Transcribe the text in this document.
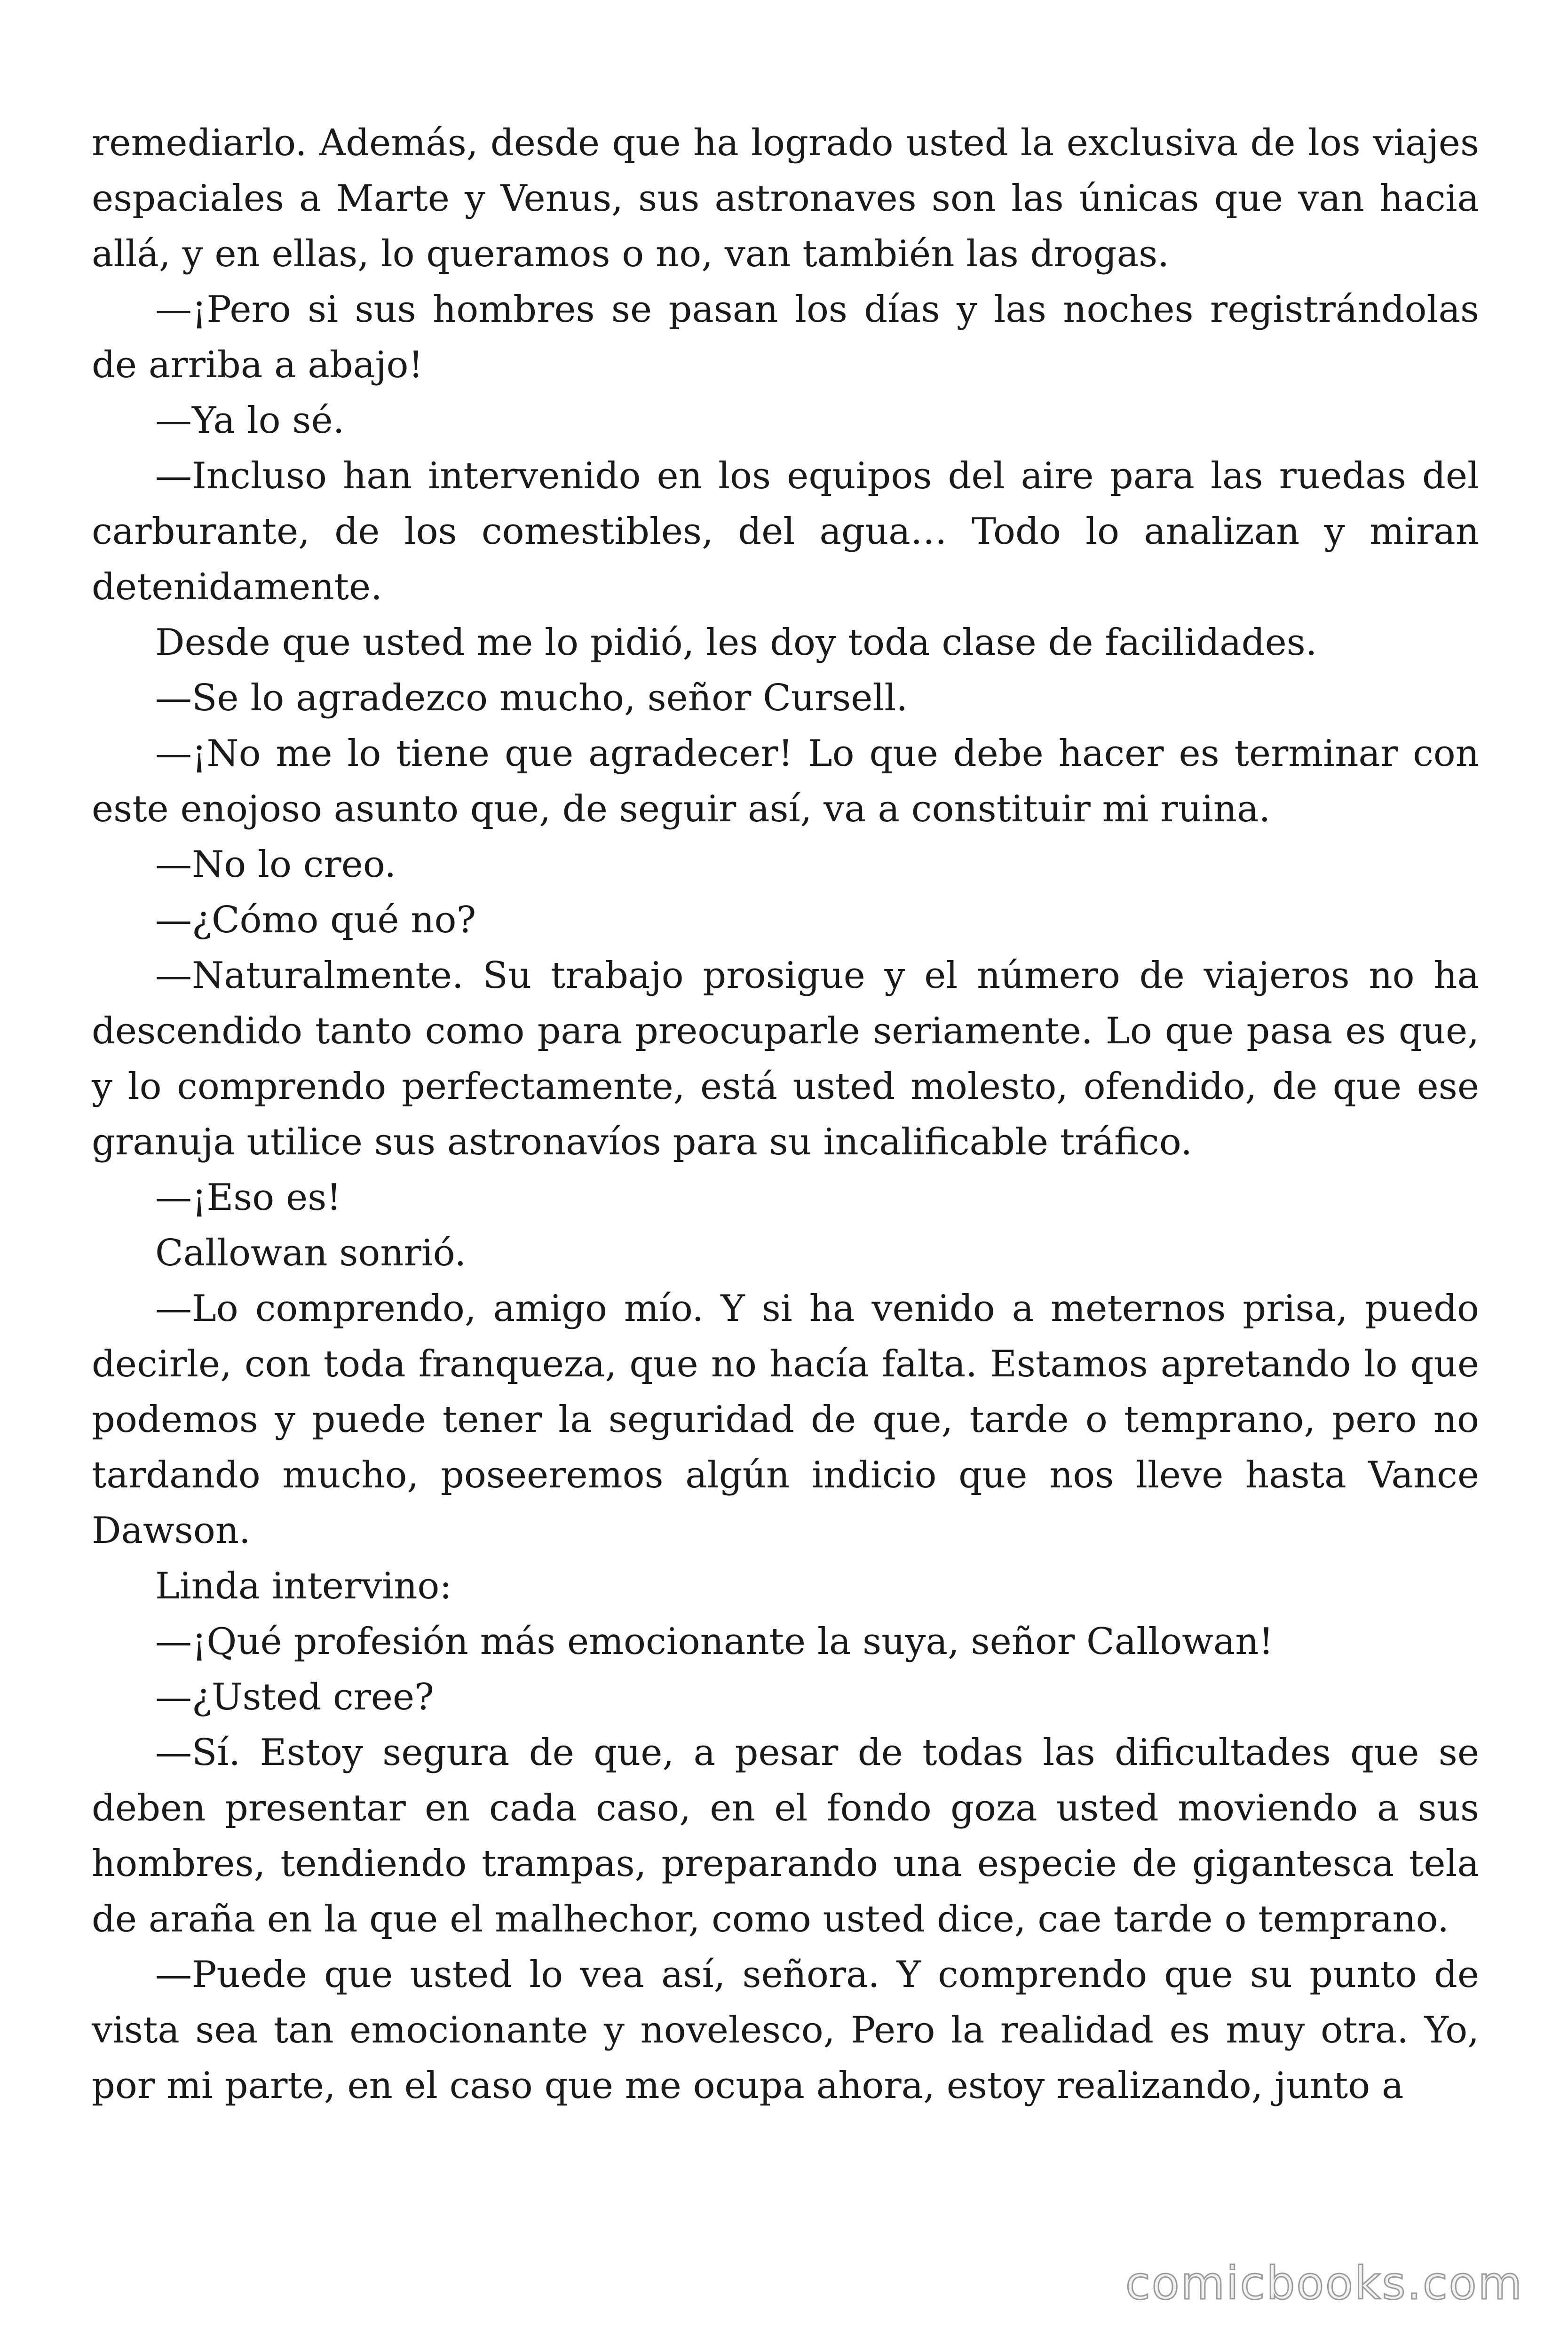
remediarlo. Además, desde que ha logrado usted la exclusiva de los viajes espaciales a Marte y Venus, sus astronaves son las únicas que van hacia allá, y en ellas, lo queramos o no, van también las drogas.

—¡Pero si sus hombres se pasan los días y las noches registrándolas de arriba a abajo!

—Ya lo sé.

—Incluso han intervenido en los equipos del aire para las ruedas del carburante, de los comestibles, del agua… Todo lo analizan y miran detenidamente.

Desde que usted me lo pidió, les doy toda clase de facilidades.

—Se lo agradezco mucho, señor Cursell.

—¡No me lo tiene que agradecer! Lo que debe hacer es terminar con este enojoso asunto que, de seguir así, va a constituir mi ruina.

—No lo creo.

—¿Cómo qué no?

—Naturalmente. Su trabajo prosigue y el número de viajeros no ha descendido tanto como para preocuparle seriamente. Lo que pasa es que, y lo comprendo perfectamente, está usted molesto, ofendido, de que ese granuja utilice sus astronavíos para su incalificable tráfico.

—¡Eso es!

Callowan sonrió.

—Lo comprendo, amigo mío. Y si ha venido a meternos prisa, puedo decirle, con toda franqueza, que no hacía falta. Estamos apretando lo que podemos y puede tener la seguridad de que, tarde o temprano, pero no tardando mucho, poseeremos algún indicio que nos lleve hasta Vance Dawson.

Linda intervino:

—¡Qué profesión más emocionante la suya, señor Callowan!

—¿Usted cree?

—Sí. Estoy segura de que, a pesar de todas las dificultades que se deben presentar en cada caso, en el fondo goza usted moviendo a sus hombres, tendiendo trampas, preparando una especie de gigantesca tela de araña en la que el malhechor, como usted dice, cae tarde o temprano.

—Puede que usted lo vea así, señora. Y comprendo que su punto de vista sea tan emocionante y novelesco, Pero la realidad es muy otra. Yo, por mi parte, en el caso que me ocupa ahora, estoy realizando, junto a

comicbooks.com
